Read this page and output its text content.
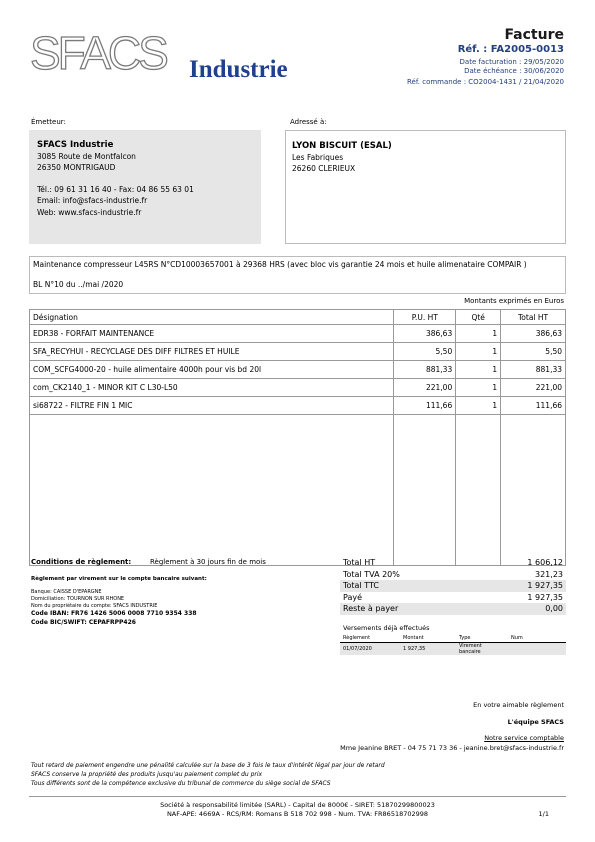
SFACS Industrie
Facture
Réf. : FA2005-0013
Date facturation : 29/05/2020
Date échéance : 30/06/2020
Réf. commande : CO2004-1431 / 21/04/2020
Émetteur:
SFACS Industrie
3085 Route de Montfalcon
26350 MONTRIGAUD
Tél.: 09 61 31 16 40 - Fax: 04 86 55 63 01
Email: info@sfacs-industrie.fr
Web: www.sfacs-industrie.fr
Adressé à:
LYON BISCUIT (ESAL)
Les Fabriques
26260 CLERIEUX
Maintenance compresseur L45RS N°CD10003657001 à 29368 HRS (avec bloc vis garantie 24 mois et huile alimenataire COMPAIR )
BL N°10 du ../mai /2020
Montants exprimés en Euros
Désignation	P.U. HT	Qté	Total HT
EDR38 - FORFAIT MAINTENANCE	386,63	1	386,63
SFA_RECYHUI - RECYCLAGE DES DIFF FILTRES ET HUILE	5,50	1	5,50
COM_SCFG4000-20 - huile alimentaire 4000h pour vis bd 20l	881,33	1	881,33
com_CK2140_1 - MINOR KIT C L30-L50	221,00	1	221,00
si68722 - FILTRE FIN 1 MIC	111,66	1	111,66

Conditions de règlement:	Règlement à 30 jours fin de mois
Règlement par virement sur le compte bancaire suivant:
Banque: CAISSE D'EPARGNE
Domiciliation: TOURNON SUR RHONE
Nom du propriétaire du compte: SFACS INDUSTRIE
Code IBAN: FR76 1426 5006 0008 7710 9354 338
Code BIC/SWIFT: CEPAFRPP426
Total HT	1 606,12
Total TVA 20%	321,23
Total TTC	1 927,35
Payé	1 927,35
Reste à payer	0,00
Versements déjà effectués
Règlement	Montant	Type	Num
01/07/2020	1 927,35	Virement bancaire	
En votre aimable règlement
L'équipe SFACS
Notre service comptable
Mme Jeanine BRET - 04 75 71 73 36 - jeanine.bret@sfacs-industrie.fr
Tout retard de paiement engendre une pénalité calculée sur la base de 3 fois le taux d'intérêt légal par jour de retard
SFACS conserve la propriété des produits jusqu'au paiement complet du prix
Tous différents sont de la compétence exclusive du tribunal de commerce du siège social de SFACS
Société à responsabilité limitée (SARL) - Capital de 8000€ - SIRET: 51870299800023
NAF-APE: 4669A - RCS/RM: Romans B 518 702 998 - Num. TVA: FR86518702998	1/1
